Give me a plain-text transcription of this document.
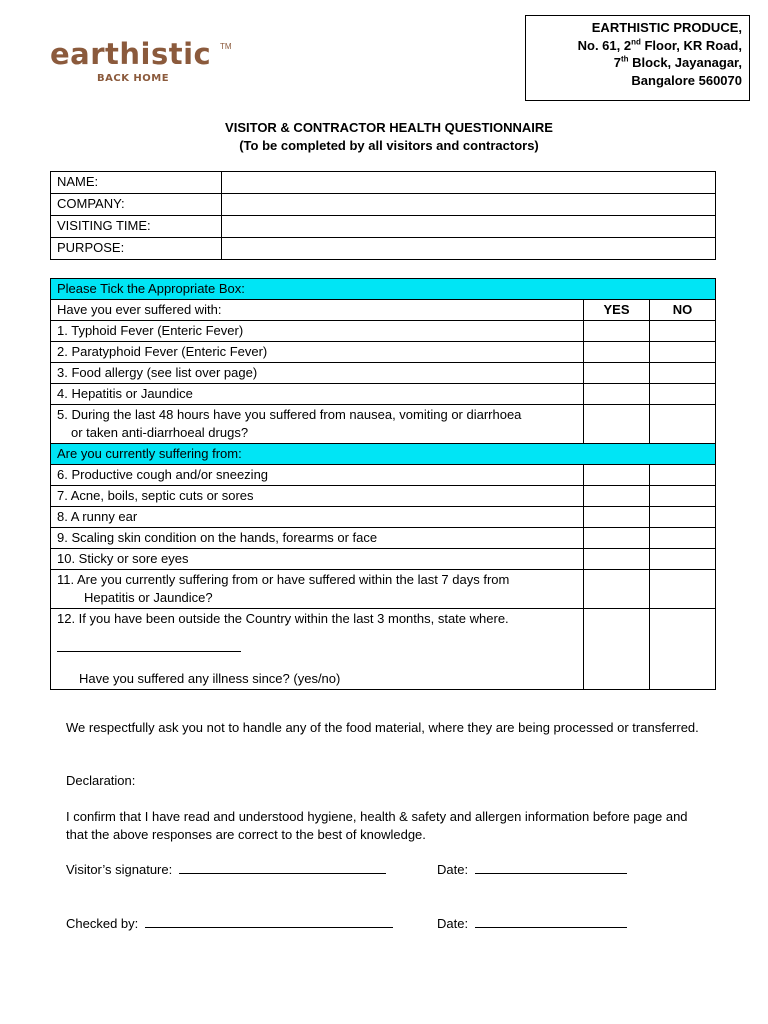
earthistic	TM
BACK HOME
EARTHISTIC PRODUCE,
No. 61, 2nd Floor, KR Road,
7th Block, Jayanagar,
Bangalore 560070
VISITOR & CONTRACTOR HEALTH QUESTIONNAIRE
(To be completed by all visitors and contractors)
NAME:	
COMPANY:	
VISITING TIME:	
PURPOSE:	
Please Tick the Appropriate Box:		
Have you ever suffered with:	YES	NO
1. Typhoid Fever (Enteric Fever)		
2. Paratyphoid Fever (Enteric Fever)		
3. Food allergy (see list over page)		
4. Hepatitis or Jaundice		

5. During the last 48 hours have you suffered from nausea, vomiting or diarrhoea
or taken anti-diarrhoeal drugs?		

Are you currently suffering from:		
6. Productive cough and/or sneezing		
7. Acne, boils, septic cuts or sores		
8. A runny ear		
9. Scaling skin condition on the hands, forearms or face		
10. Sticky or sore eyes		

11. Are you currently suffering from or have suffered within the last 7 days from
Hepatitis or Jaundice?		

12. If you have been outside the Country within the last 3 months, state where.
Have you suffered any illness since? (yes/no)		

We respectfully ask you not to handle any of the food material, where they are being processed or transferred.
Declaration:
I confirm that I have read and understood hygiene, health & safety and allergen information before page and that the above responses are correct to the best of knowledge.
Visitor’s signature:	Date:
Checked by:	Date:
